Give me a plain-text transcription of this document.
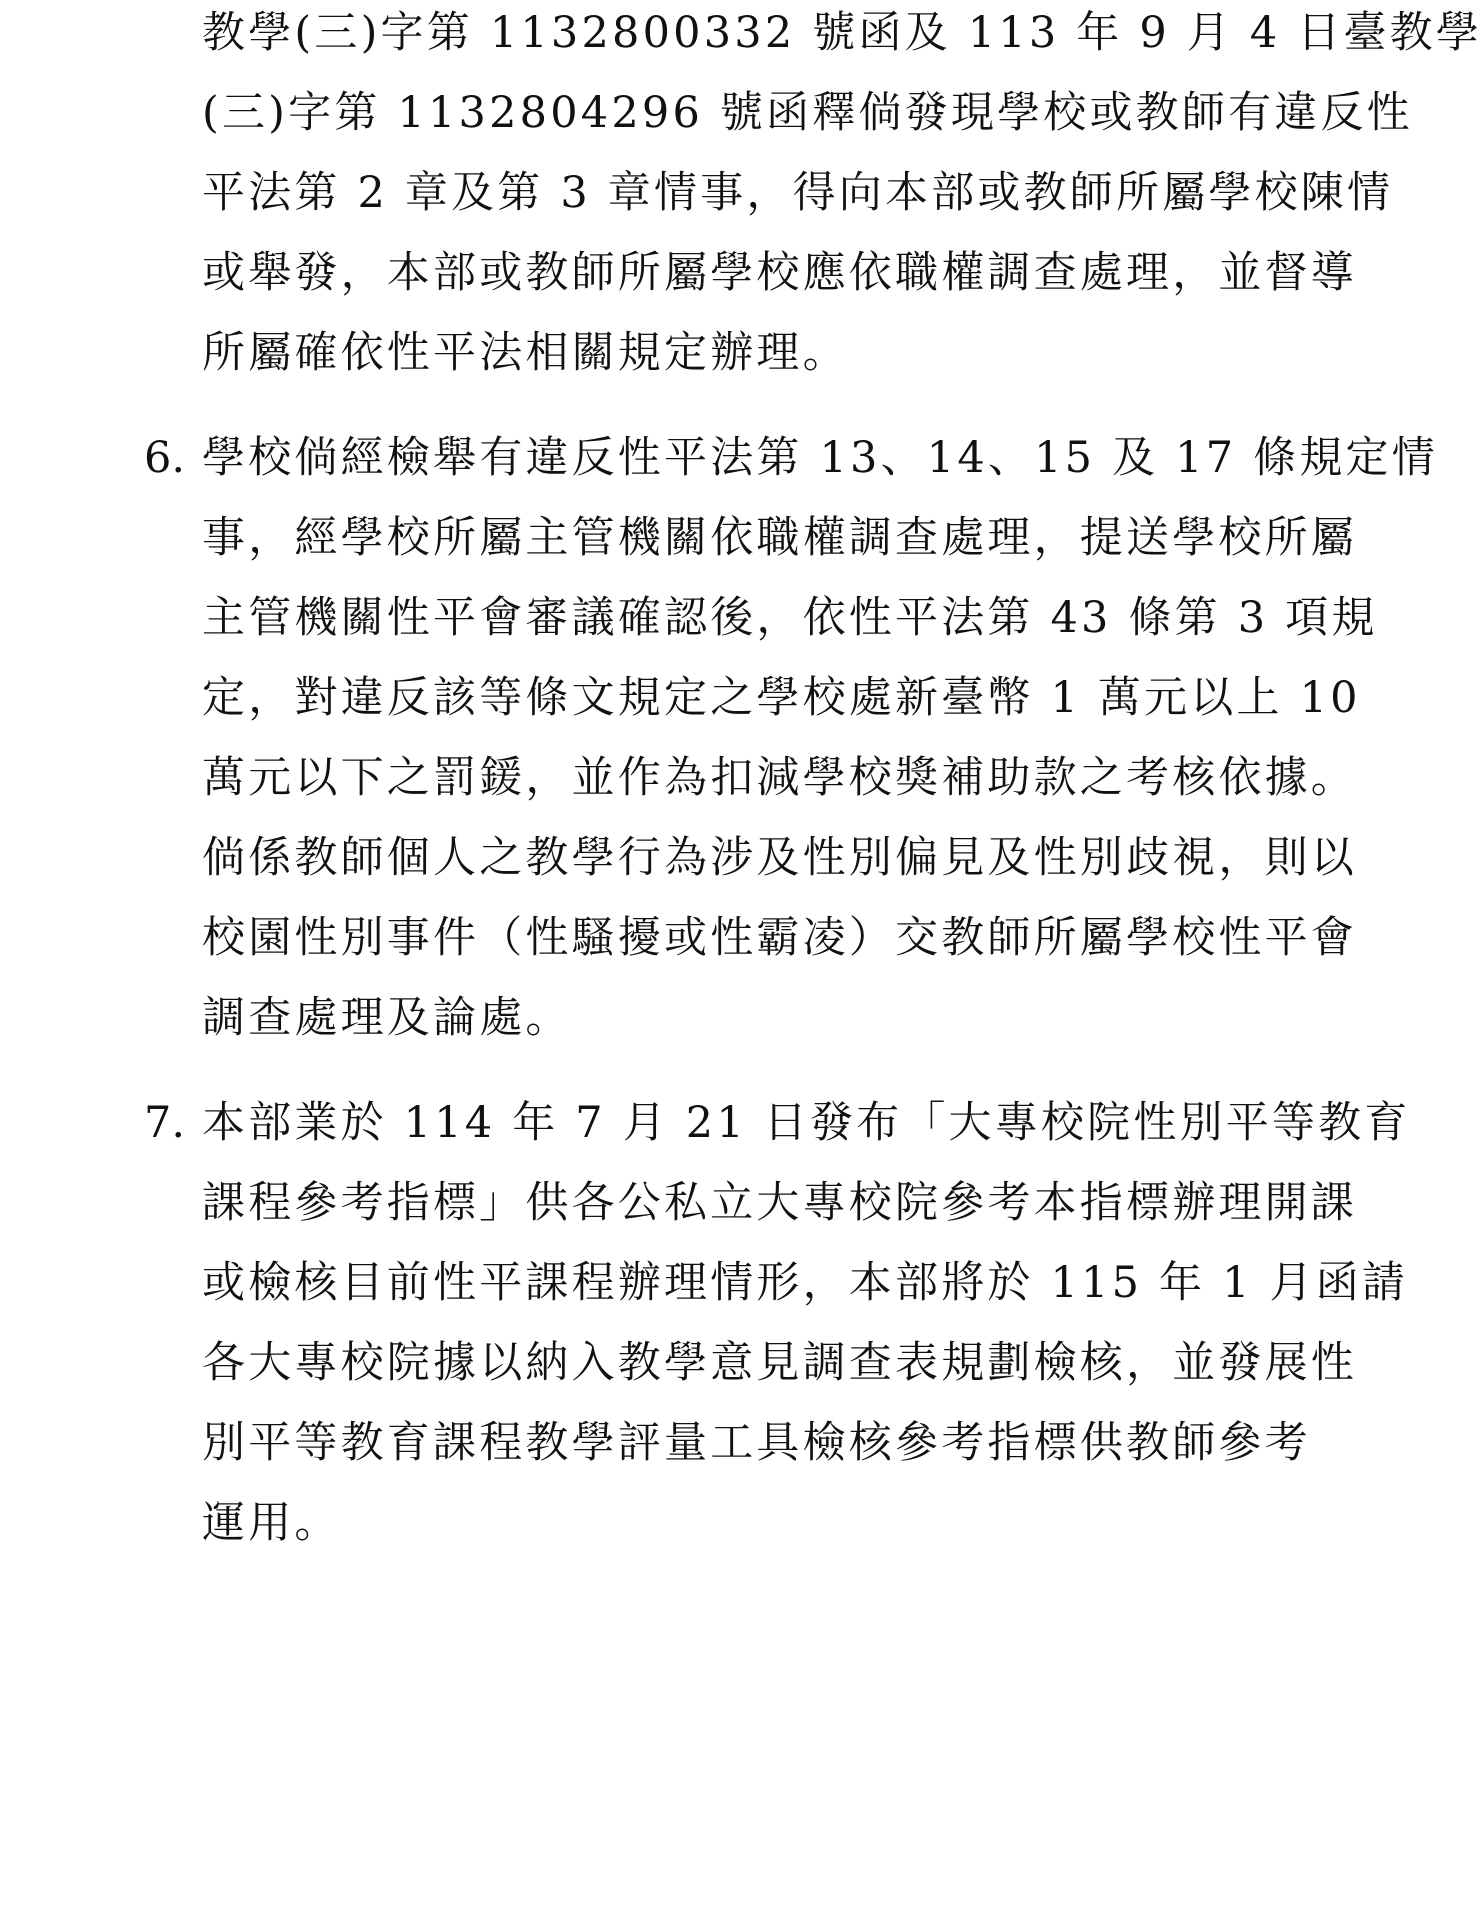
教學(三)字第 1132800332 號函及 113 年 9 月 4 日臺教學
(三)字第 1132804296 號函釋倘發現學校或教師有違反性
平法第 2 章及第 3 章情事，得向本部或教師所屬學校陳情
或舉發，本部或教師所屬學校應依職權調查處理，並督導
所屬確依性平法相關規定辦理。
6. 學校倘經檢舉有違反性平法第 13、14、15 及 17 條規定情
事，經學校所屬主管機關依職權調查處理，提送學校所屬
主管機關性平會審議確認後，依性平法第 43 條第 3 項規
定，對違反該等條文規定之學校處新臺幣 1 萬元以上 10
萬元以下之罰鍰，並作為扣減學校獎補助款之考核依據。
倘係教師個人之教學行為涉及性別偏見及性別歧視，則以
校園性別事件（性騷擾或性霸凌）交教師所屬學校性平會
調查處理及論處。
7. 本部業於 114 年 7 月 21 日發布「大專校院性別平等教育
課程參考指標」供各公私立大專校院參考本指標辦理開課
或檢核目前性平課程辦理情形，本部將於 115 年 1 月函請
各大專校院據以納入教學意見調查表規劃檢核，並發展性
別平等教育課程教學評量工具檢核參考指標供教師參考
運用。
